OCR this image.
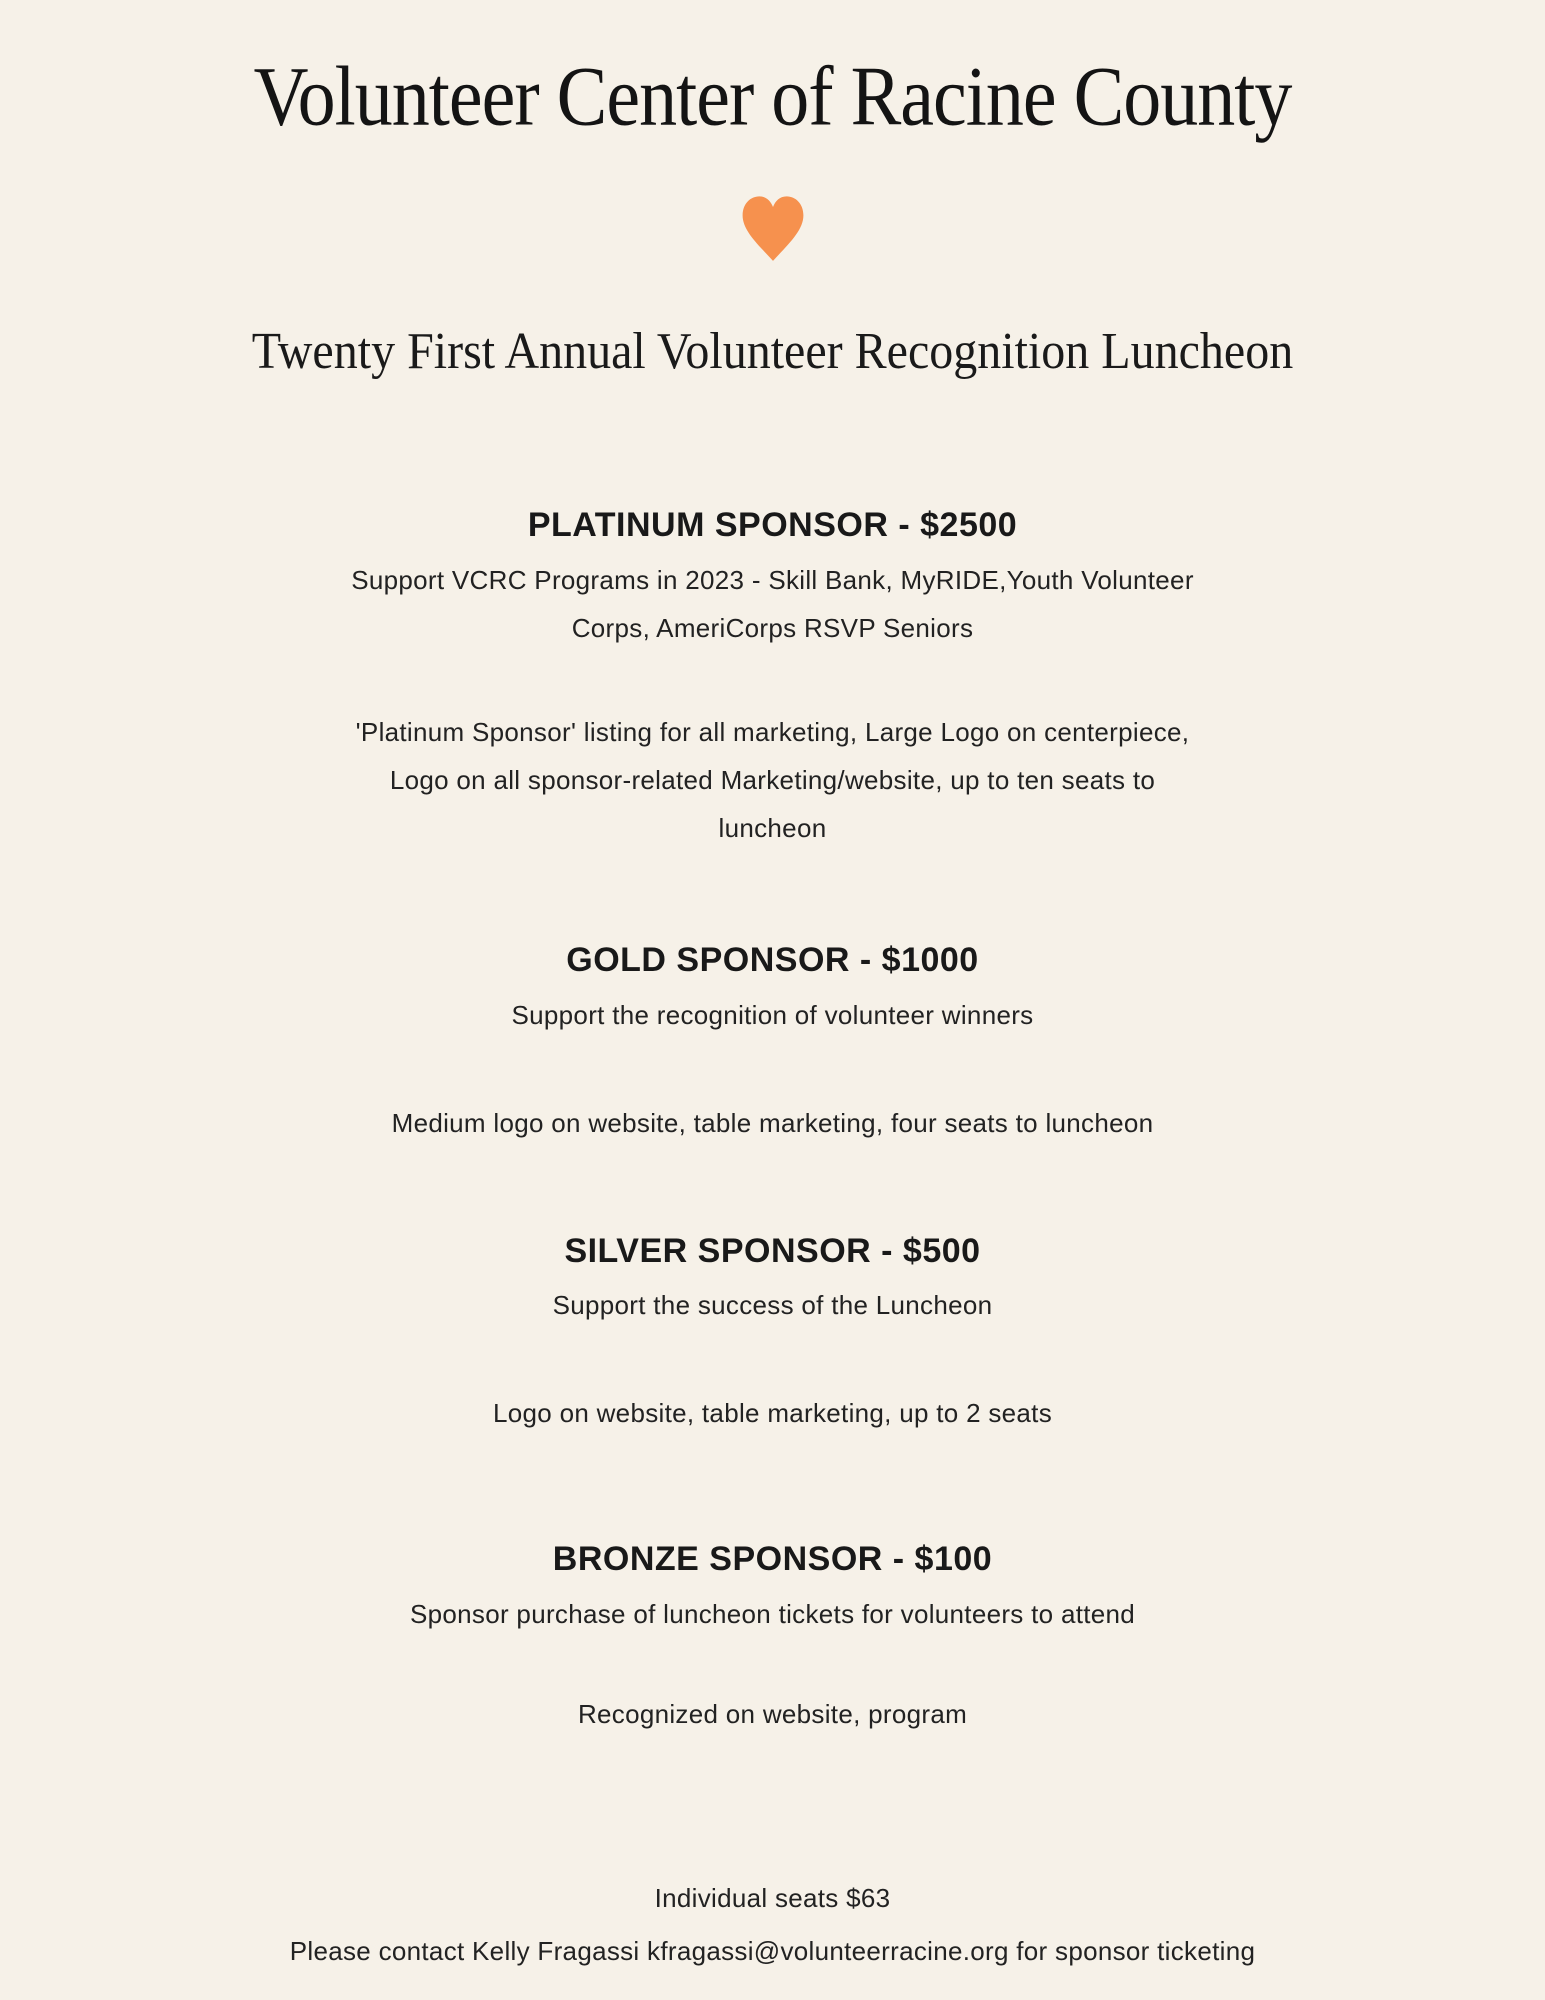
Volunteer Center of Racine County
Twenty First Annual Volunteer Recognition Luncheon
PLATINUM SPONSOR - $2500
Support VCRC Programs in 2023 - Skill Bank, MyRIDE,Youth Volunteer
Corps, AmeriCorps RSVP Seniors
'Platinum Sponsor' listing for all marketing, Large Logo on centerpiece,
Logo on all sponsor-related Marketing/website, up to ten seats to
luncheon
GOLD SPONSOR - $1000
Support the recognition of volunteer winners
Medium logo on website, table marketing, four seats to luncheon
SILVER SPONSOR - $500
Support the success of the Luncheon
Logo on website, table marketing, up to 2 seats
BRONZE SPONSOR - $100
Sponsor purchase of luncheon tickets for volunteers to attend
Recognized on website, program
Individual seats $63
Please contact Kelly Fragassi kfragassi@volunteerracine.org for sponsor ticketing
